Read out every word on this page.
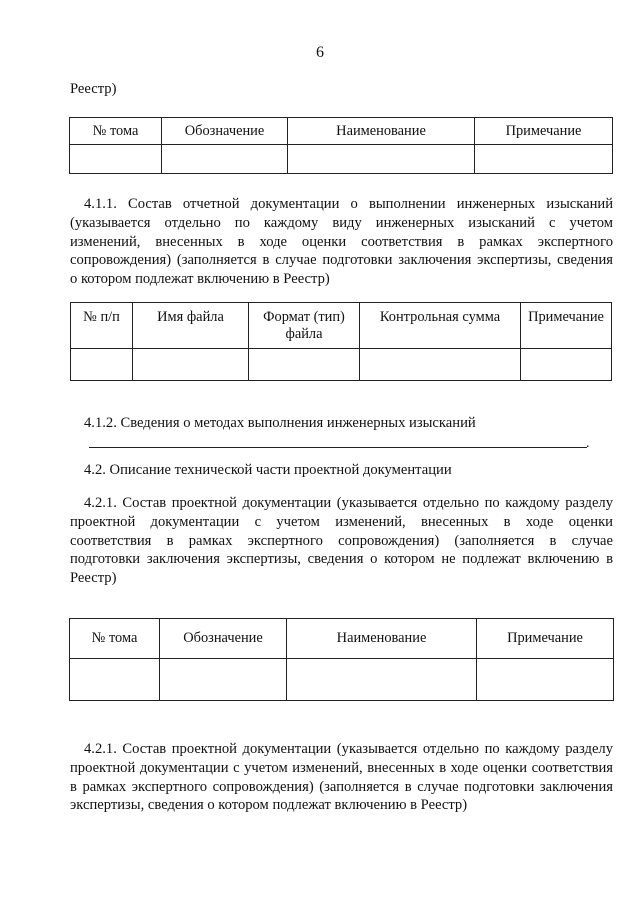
6
Реестр)
№ тома	Обозначение	Наименование	Примечание

4.1.1. Состав отчетной документации о выполнении инженерных изысканий
(указывается отдельно по каждому виду инженерных изысканий с учетом
изменений, внесенных в ходе оценки соответствия в рамках экспертного
сопровождения) (заполняется в случае подготовки заключения экспертизы, сведения
о котором подлежат включению в Реестр)
№ п/п	Имя файла	Формат (тип) файла	Контрольная сумма	Примечание

4.1.2. Сведения о методах выполнения инженерных изысканий
.
4.2. Описание технической части проектной документации
4.2.1. Состав проектной документации (указывается отдельно по каждому разделу
проектной документации с учетом изменений, внесенных в ходе оценки
соответствия в рамках экспертного сопровождения) (заполняется в случае
подготовки заключения экспертизы, сведения о котором не подлежат включению в
Реестр)
№ тома	Обозначение	Наименование	Примечание

4.2.1. Состав проектной документации (указывается отдельно по каждому разделу
проектной документации с учетом изменений, внесенных в ходе оценки соответствия
в рамках экспертного сопровождения) (заполняется в случае подготовки заключения
экспертизы, сведения о котором подлежат включению в Реестр)
